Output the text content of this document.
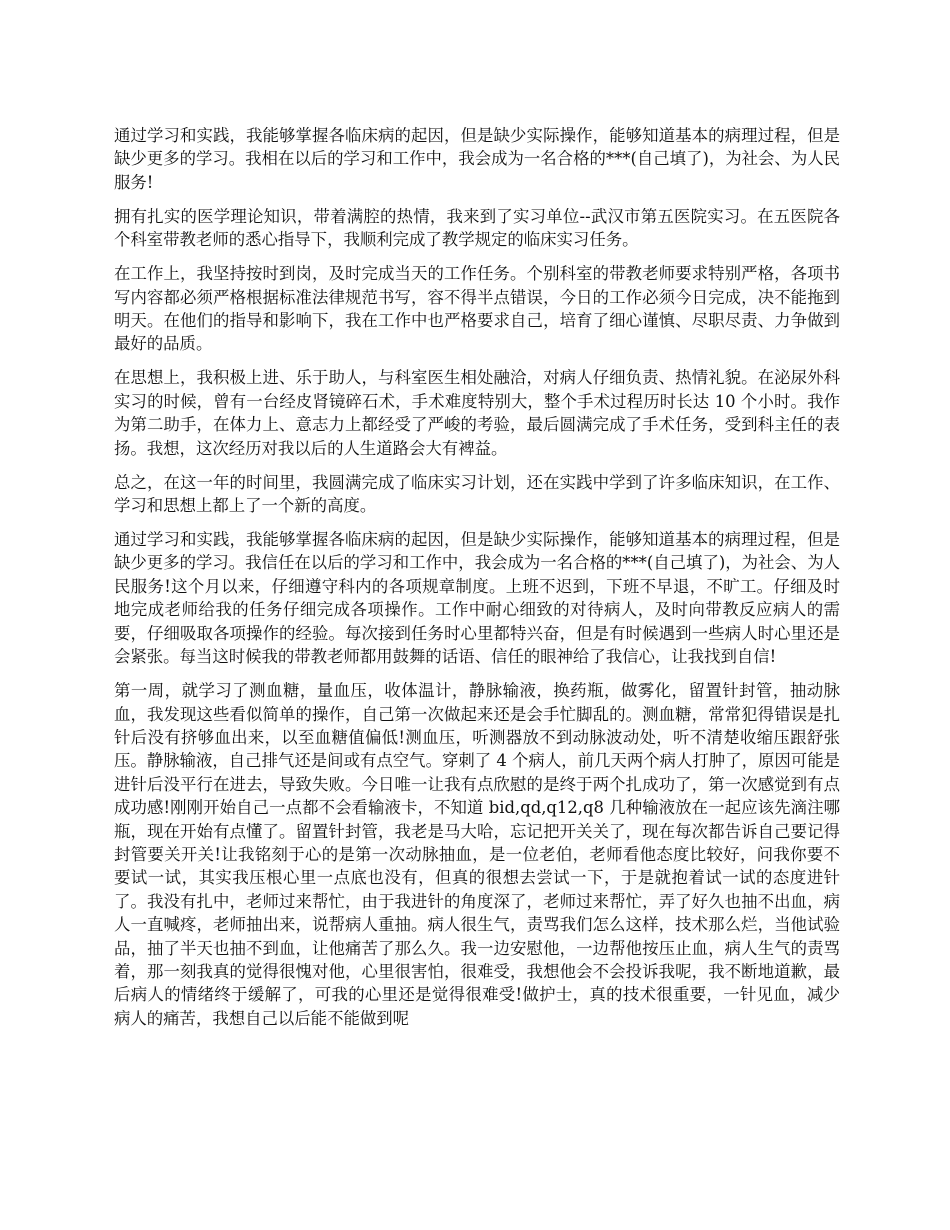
通过学习和实践，我能够掌握各临床病的起因，但是缺少实际操作，能够知道基本的病理过程，但是缺少更多的学习。我相在以后的学习和工作中，我会成为一名合格的***(自己填了)，为社会、为人民服务!

拥有扎实的医学理论知识，带着满腔的热情，我来到了实习单位--武汉市第五医院实习。在五医院各个科室带教老师的悉心指导下，我顺利完成了教学规定的临床实习任务。

在工作上，我坚持按时到岗，及时完成当天的工作任务。个别科室的带教老师要求特别严格，各项书写内容都必须严格根据标准法律规范书写，容不得半点错误，今日的工作必须今日完成，决不能拖到明天。在他们的指导和影响下，我在工作中也严格要求自己，培育了细心谨慎、尽职尽责、力争做到最好的品质。

在思想上，我积极上进、乐于助人，与科室医生相处融洽，对病人仔细负责、热情礼貌。在泌尿外科实习的时候，曾有一台经皮肾镜碎石术，手术难度特别大，整个手术过程历时长达 10 个小时。我作为第二助手，在体力上、意志力上都经受了严峻的考验，最后圆满完成了手术任务，受到科主任的表扬。我想，这次经历对我以后的人生道路会大有裨益。

总之，在这一年的时间里，我圆满完成了临床实习计划，还在实践中学到了许多临床知识，在工作、学习和思想上都上了一个新的高度。

通过学习和实践，我能够掌握各临床病的起因，但是缺少实际操作，能够知道基本的病理过程，但是缺少更多的学习。我信任在以后的学习和工作中，我会成为一名合格的***(自己填了)，为社会、为人民服务!这个月以来，仔细遵守科内的各项规章制度。上班不迟到，下班不早退，不旷工。仔细及时地完成老师给我的任务仔细完成各项操作。工作中耐心细致的对待病人，及时向带教反应病人的需要，仔细吸取各项操作的经验。每次接到任务时心里都特兴奋，但是有时候遇到一些病人时心里还是会紧张。每当这时候我的带教老师都用鼓舞的话语、信任的眼神给了我信心，让我找到自信!

第一周，就学习了测血糖，量血压，收体温计，静脉输液，换药瓶，做雾化，留置针封管，抽动脉血，我发现这些看似简单的操作，自己第一次做起来还是会手忙脚乱的。测血糖，常常犯得错误是扎针后没有挤够血出来，以至血糖值偏低!测血压，听测器放不到动脉波动处，听不清楚收缩压跟舒张压。静脉输液，自己排气还是间或有点空气。穿刺了 4 个病人，前几天两个病人打肿了，原因可能是进针后没平行在进去，导致失败。今日唯一让我有点欣慰的是终于两个扎成功了，第一次感觉到有点成功感!刚刚开始自己一点都不会看输液卡，不知道 bid,qd,q12,q8 几种输液放在一起应该先滴注哪瓶，现在开始有点懂了。留置针封管，我老是马大哈，忘记把开关关了，现在每次都告诉自己要记得封管要关开关!让我铭刻于心的是第一次动脉抽血，是一位老伯，老师看他态度比较好，问我你要不要试一试，其实我压根心里一点底也没有，但真的很想去尝试一下，于是就抱着试一试的态度进针了。我没有扎中，老师过来帮忙，由于我进针的角度深了，老师过来帮忙，弄了好久也抽不出血，病人一直喊疼，老师抽出来，说帮病人重抽。病人很生气，责骂我们怎么这样，技术那么烂，当他试验品，抽了半天也抽不到血，让他痛苦了那么久。我一边安慰他，一边帮他按压止血，病人生气的责骂着，那一刻我真的觉得很愧对他，心里很害怕，很难受，我想他会不会投诉我呢，我不断地道歉，最后病人的情绪终于缓解了，可我的心里还是觉得很难受!做护士，真的技术很重要，一针见血，减少病人的痛苦，我想自己以后能不能做到呢
